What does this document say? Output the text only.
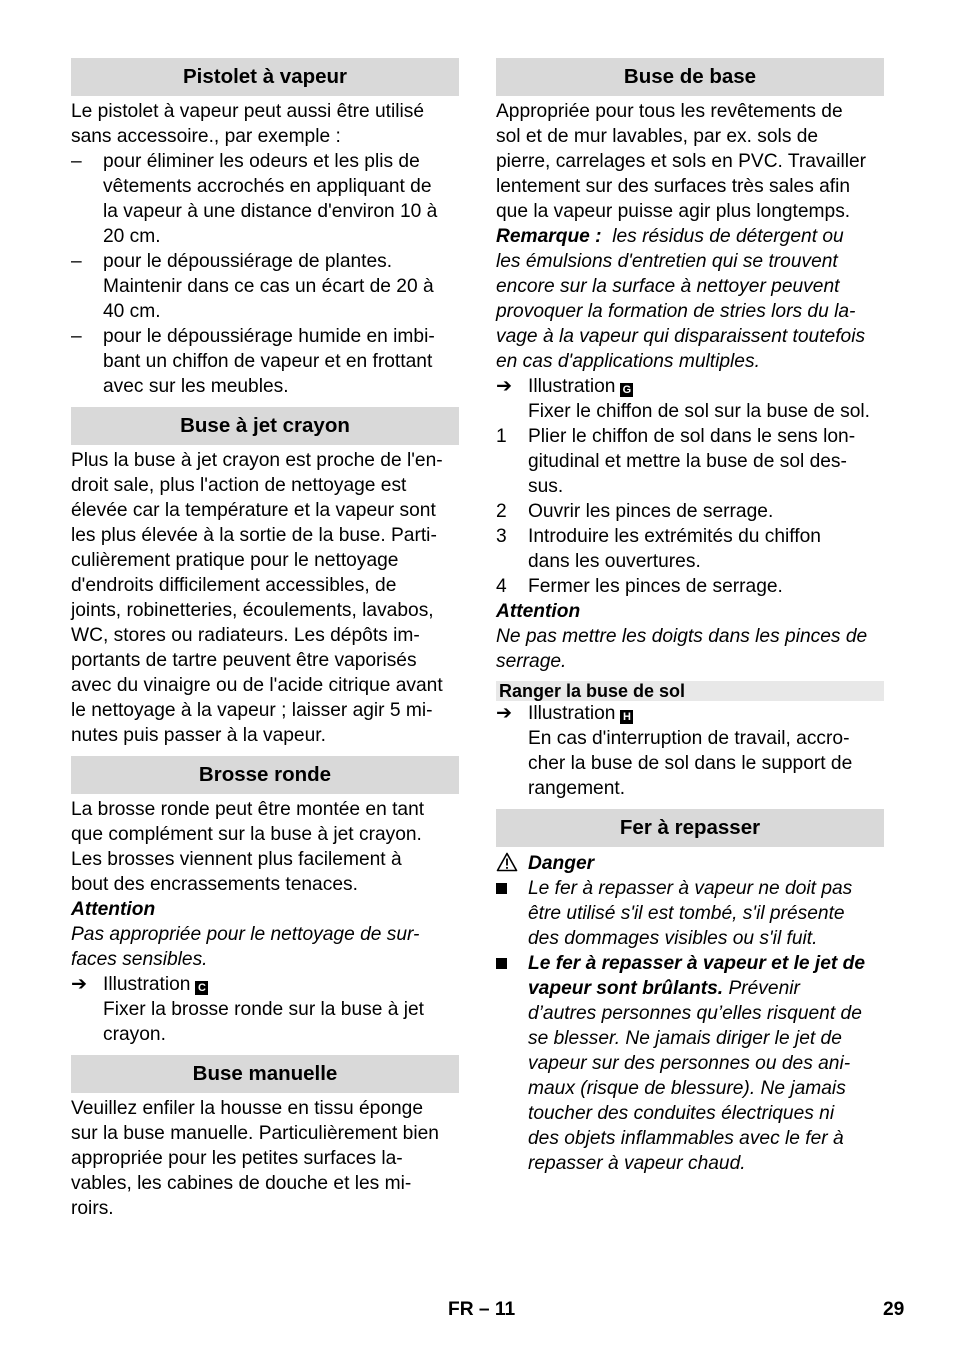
Pistolet à vapeur

Le pistolet à vapeur peut aussi être utilisé
sans accessoire., par exemple :

–	pour éliminer les odeurs et les plis de
vêtements accrochés en appliquant de
la vapeur à une distance d'environ 10 à
20 cm.
–	pour le dépoussiérage de plantes.
Maintenir dans ce cas un écart de 20 à
40 cm.
–	pour le dépoussiérage humide en imbi-
bant un chiffon de vapeur et en frottant
avec sur les meubles.
Buse à jet crayon

Plus la buse à jet crayon est proche de l'en-
droit sale, plus l'action de nettoyage est
élevée car la température et la vapeur sont
les plus élevée à la sortie de la buse. Parti-
culièrement pratique pour le nettoyage
d'endroits difficilement accessibles, de
joints, robinetteries, écoulements, lavabos,
WC, stores ou radiateurs. Les dépôts im-
portants de tartre peuvent être vaporisés
avec du vinaigre ou de l'acide citrique avant
le nettoyage à la vapeur ; laisser agir 5 mi-
nutes puis passer à la vapeur.

Brosse ronde

La brosse ronde peut être montée en tant
que complément sur la buse à jet crayon.
Les brosses viennent plus facilement à
bout des encrassements tenaces.

Attention

Pas appropriée pour le nettoyage de sur-
faces sensibles.

➔ Illustration C

Fixer la brosse ronde sur la buse à jet
crayon.

Buse manuelle

Veuillez enfiler la housse en tissu éponge
sur la buse manuelle. Particulièrement bien
appropriée pour les petites surfaces la-
vables, les cabines de douche et les mi-
roirs.

Buse de base

Appropriée pour tous les revêtements de
sol et de mur lavables, par ex. sols de
pierre, carrelages et sols en PVC. Travailler
lentement sur des surfaces très sales afin
que la vapeur puisse agir plus longtemps.

Remarque : les résidus de détergent ou
les émulsions d'entretien qui se trouvent
encore sur la surface à nettoyer peuvent
provoquer la formation de stries lors du la-
vage à la vapeur qui disparaissent toutefois
en cas d'applications multiples.

➔ Illustration G

Fixer le chiffon de sol sur la buse de sol.

1	Plier le chiffon de sol dans le sens lon-
gitudinal et mettre la buse de sol des-
sus.
2	Ouvrir les pinces de serrage.
3	Introduire les extrémités du chiffon
dans les ouvertures.
4	Fermer les pinces de serrage.

Attention

Ne pas mettre les doigts dans les pinces de
serrage.

Ranger la buse de sol
➔ Illustration H

En cas d'interruption de travail, accro-
cher la buse de sol dans le support de
rangement.

Fer à repasser
Danger
Le fer à repasser à vapeur ne doit pas
être utilisé s'il est tombé, s'il présente
des dommages visibles ou s'il fuit.
Le fer à repasser à vapeur et le jet de
vapeur sont brûlants. Prévenir
d’autres personnes qu’elles risquent de
se blesser. Ne jamais diriger le jet de
vapeur sur des personnes ou des ani-
maux (risque de blessure). Ne jamais
toucher des conduites électriques ni
des objets inflammables avec le fer à
repasser à vapeur chaud.
FR – 11	29
